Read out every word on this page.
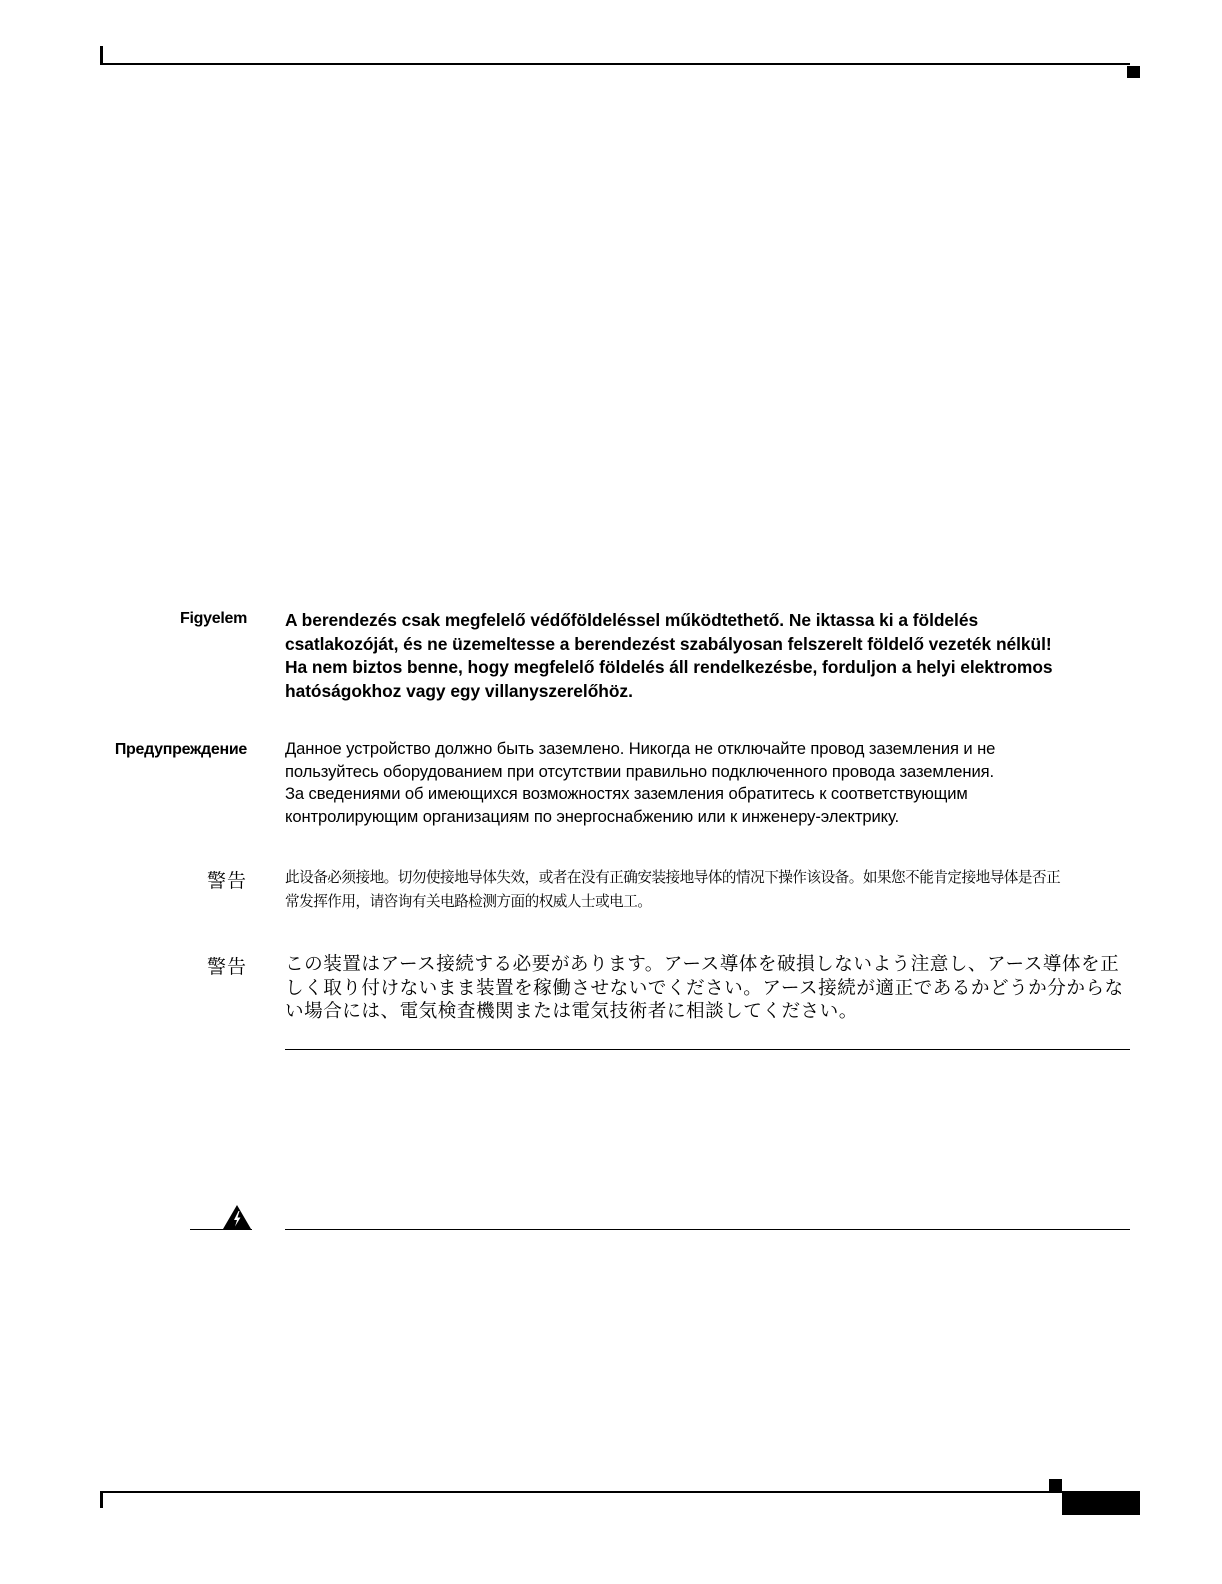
Figyelem A berendezés csak megfelelő védőföldeléssel működtethető. Ne iktassa ki a földelés
csatlakozóját, és ne üzemeltesse a berendezést szabályosan felszerelt földelő vezeték nélkül!
Ha nem biztos benne, hogy megfelelő földelés áll rendelkezésbe, forduljon a helyi elektromos
hatóságokhoz vagy egy villanyszerelőhöz.
Предупреждение Данное устройство должно быть заземлено. Никогда не отключайте провод заземления и не
пользуйтесь оборудованием при отсутствии правильно подключенного провода заземления.
За сведениями об имеющихся возможностях заземления обратитесь к соответствующим
контролирующим организациям по энергоснабжению или к инженеру-электрику.
警告	此设备必须接地。切勿使接地导体失效，或者在没有正确安装接地导体的情况下操作该设备。如果您不能肯定接地导体是否正
常发挥作用，请咨询有关电路检测方面的权威人士或电工。
警告 この装置はアース接続する必要があります。アース導体を破損しないよう注意し、アース導体を正
しく取り付けないまま装置を稼働させないでください。アース接続が適正であるかどうか分からな
い場合には、電気検査機関または電気技術者に相談してください。
